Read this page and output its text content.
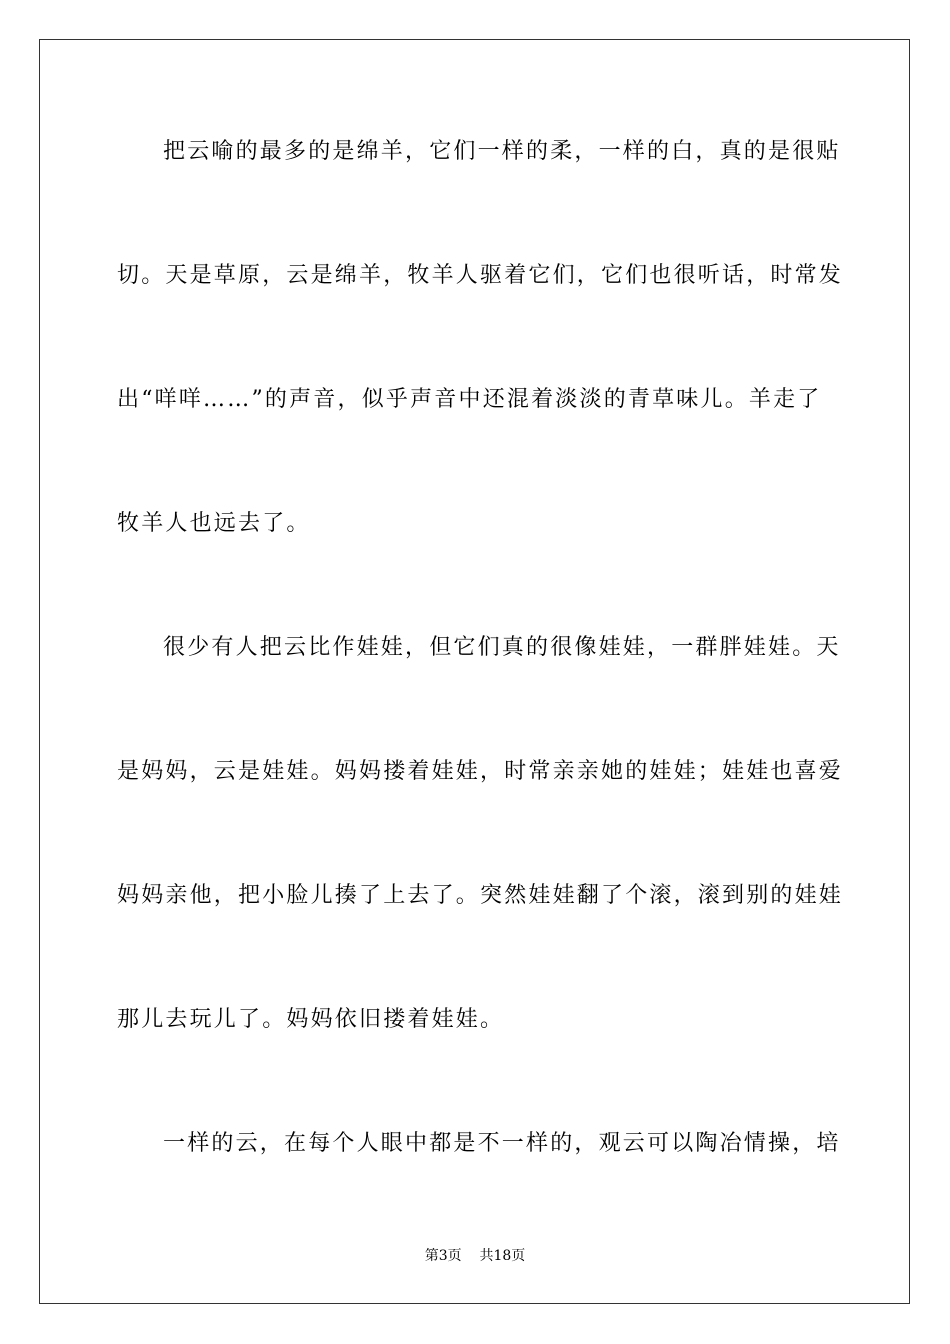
把云喻的最多的是绵羊，它们一样的柔，一样的白，真的是很贴
切。天是草原，云是绵羊，牧羊人驱着它们，它们也很听话，时常发
出“咩咩……”的声音，似乎声音中还混着淡淡的青草味儿。羊走了
牧羊人也远去了。
很少有人把云比作娃娃，但它们真的很像娃娃，一群胖娃娃。天
是妈妈，云是娃娃。妈妈搂着娃娃，时常亲亲她的娃娃；娃娃也喜爱
妈妈亲他，把小脸儿揍了上去了。突然娃娃翻了个滚，滚到别的娃娃
那儿去玩儿了。妈妈依旧搂着娃娃。
一样的云，在每个人眼中都是不一样的，观云可以陶冶情操，培
第3页    共18页
